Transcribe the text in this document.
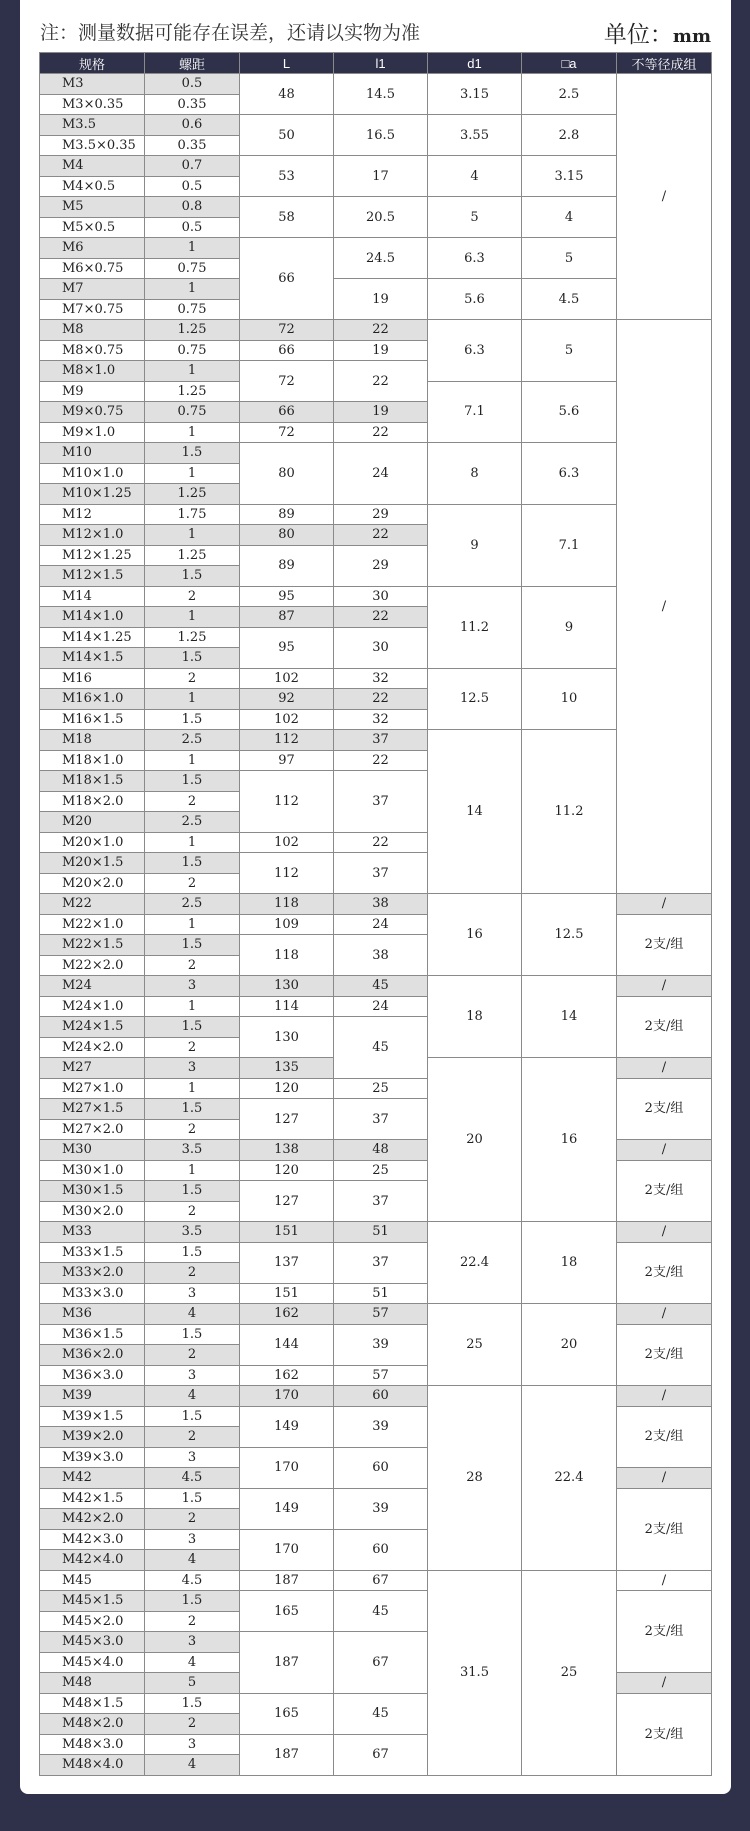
注：测量数据可能存在误差，还请以实物为准	单位：mm
规格	螺距	L	l1	d1	□a	不等径成组
M3	0.5	48	14.5	3.15	2.5	/
M3×0.35	0.35					
M3.5	0.6	50	16.5	3.55	2.8	
M3.5×0.35	0.35					
M4	0.7	53	17	4	3.15	
M4×0.5	0.5					
M5	0.8	58	20.5	5	4	
M5×0.5	0.5					
M6	1	66	24.5	6.3	5	
M6×0.75	0.75					
M7	1		19	5.6	4.5	
M7×0.75	0.75					
M8	1.25	72	22	6.3	5	/
M8×0.75	0.75	66	19			
M8×1.0	1	72	22			
M9	1.25			7.1	5.6	
M9×0.75	0.75	66	19			
M9×1.0	1	72	22			
M10	1.5	80	24	8	6.3	
M10×1.0	1					
M10×1.25	1.25					
M12	1.75	89	29	9	7.1	
M12×1.0	1	80	22			
M12×1.25	1.25	89	29			
M12×1.5	1.5					
M14	2	95	30	11.2	9	
M14×1.0	1	87	22			
M14×1.25	1.25	95	30			
M14×1.5	1.5					
M16	2	102	32	12.5	10	
M16×1.0	1	92	22			
M16×1.5	1.5	102	32			
M18	2.5	112	37	14	11.2	
M18×1.0	1	97	22			
M18×1.5	1.5	112	37			
M18×2.0	2					
M20	2.5					
M20×1.0	1	102	22			
M20×1.5	1.5	112	37			
M20×2.0	2					
M22	2.5	118	38	16	12.5	/
M22×1.0	1	109	24			2支/组
M22×1.5	1.5	118	38			
M22×2.0	2					
M24	3	130	45	18	14	/
M24×1.0	1	114	24			2支/组
M24×1.5	1.5	130	45			
M24×2.0	2					
M27	3	135		20	16	/
M27×1.0	1	120	25			2支/组
M27×1.5	1.5	127	37			
M27×2.0	2					
M30	3.5	138	48			/
M30×1.0	1	120	25			2支/组
M30×1.5	1.5	127	37			
M30×2.0	2					
M33	3.5	151	51	22.4	18	/
M33×1.5	1.5	137	37			2支/组
M33×2.0	2					
M33×3.0	3	151	51			
M36	4	162	57	25	20	/
M36×1.5	1.5	144	39			2支/组
M36×2.0	2					
M36×3.0	3	162	57			
M39	4	170	60	28	22.4	/
M39×1.5	1.5	149	39			2支/组
M39×2.0	2					
M39×3.0	3	170	60			
M42	4.5					/
M42×1.5	1.5	149	39			2支/组
M42×2.0	2					
M42×3.0	3	170	60			
M42×4.0	4					
M45	4.5	187	67	31.5	25	/
M45×1.5	1.5	165	45			2支/组
M45×2.0	2					
M45×3.0	3	187	67			
M45×4.0	4					
M48	5					/
M48×1.5	1.5	165	45			2支/组
M48×2.0	2					
M48×3.0	3	187	67			
M48×4.0	4					
